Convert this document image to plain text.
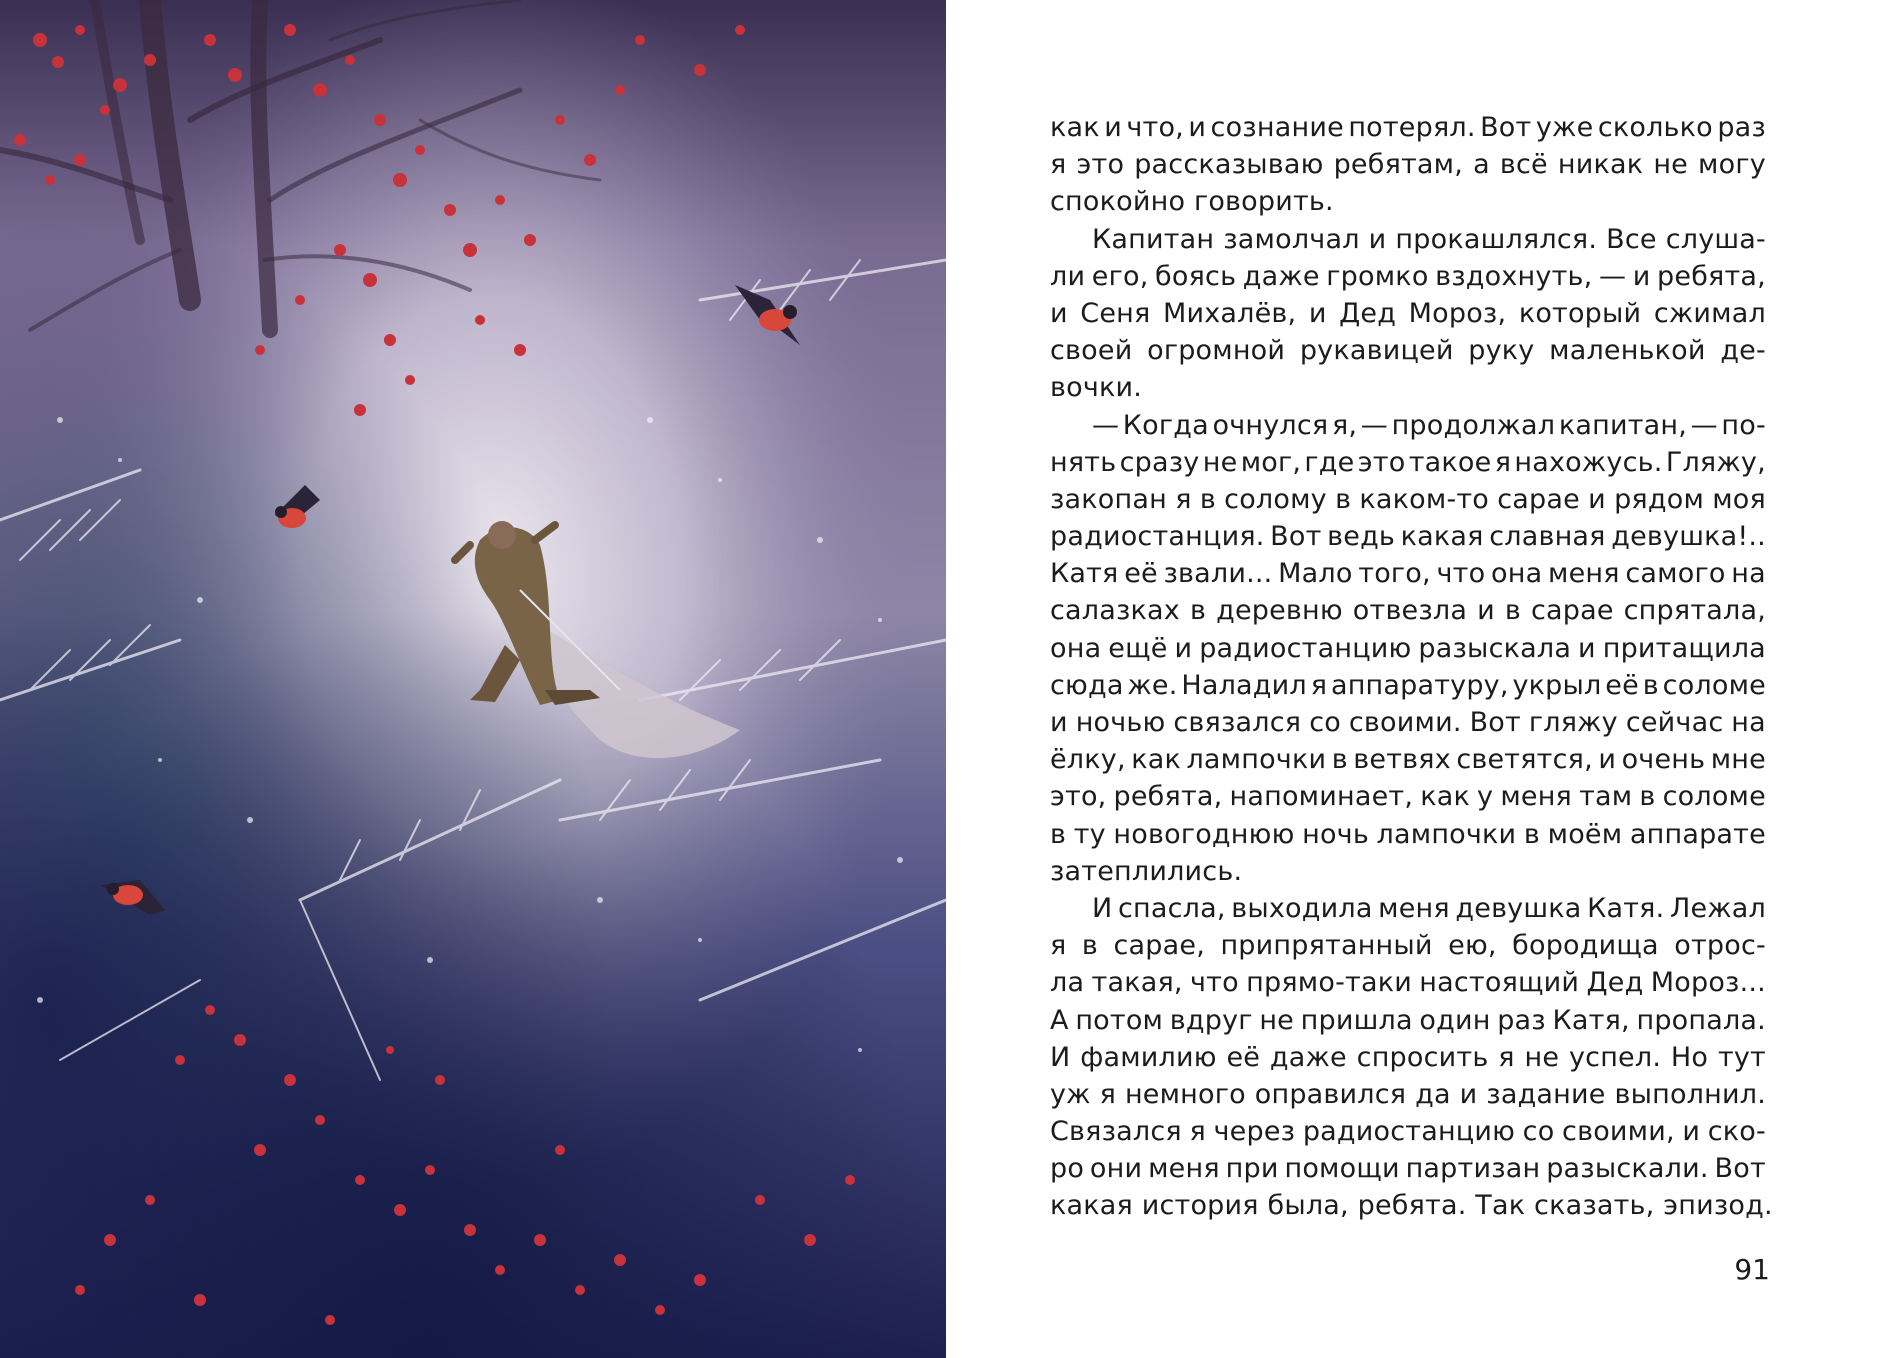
как и что, и сознание потерял. Вот уже сколько раз
я это рассказываю ребятам, а всё никак не могу
спокойно говорить.
Капитан замолчал и прокашлялся. Все слуша-
ли его, боясь даже громко вздохнуть, — и ребята,
и Сеня Михалёв, и Дед Мороз, который сжимал
своей огромной рукавицей руку маленькой де-
вочки.
— Когда очнулся я, — продолжал капитан, — по-
нять сразу не мог, где это такое я нахожусь. Гляжу,
закопан я в солому в каком-то сарае и рядом моя
радиостанция. Вот ведь какая славная девушка!..
Катя её звали... Мало того, что она меня самого на
салазках в деревню отвезла и в сарае спрятала,
она ещё и радиостанцию разыскала и притащила
сюда же. Наладил я аппаратуру, укрыл её в соломе
и ночью связался со своими. Вот гляжу сейчас на
ёлку, как лампочки в ветвях светятся, и очень мне
это, ребята, напоминает, как у меня там в соломе
в ту новогоднюю ночь лампочки в моём аппарате
затеплились.
И спасла, выходила меня девушка Катя. Лежал
я в сарае, припрятанный ею, бородища отрос-
ла такая, что прямо-таки настоящий Дед Мороз...
А потом вдруг не пришла один раз Катя, пропала.
И фамилию её даже спросить я не успел. Но тут
уж я немного оправился да и задание выполнил.
Связался я через радиостанцию со своими, и ско-
ро они меня при помощи партизан разыскали. Вот
какая история была, ребята. Так сказать, эпизод.
91
